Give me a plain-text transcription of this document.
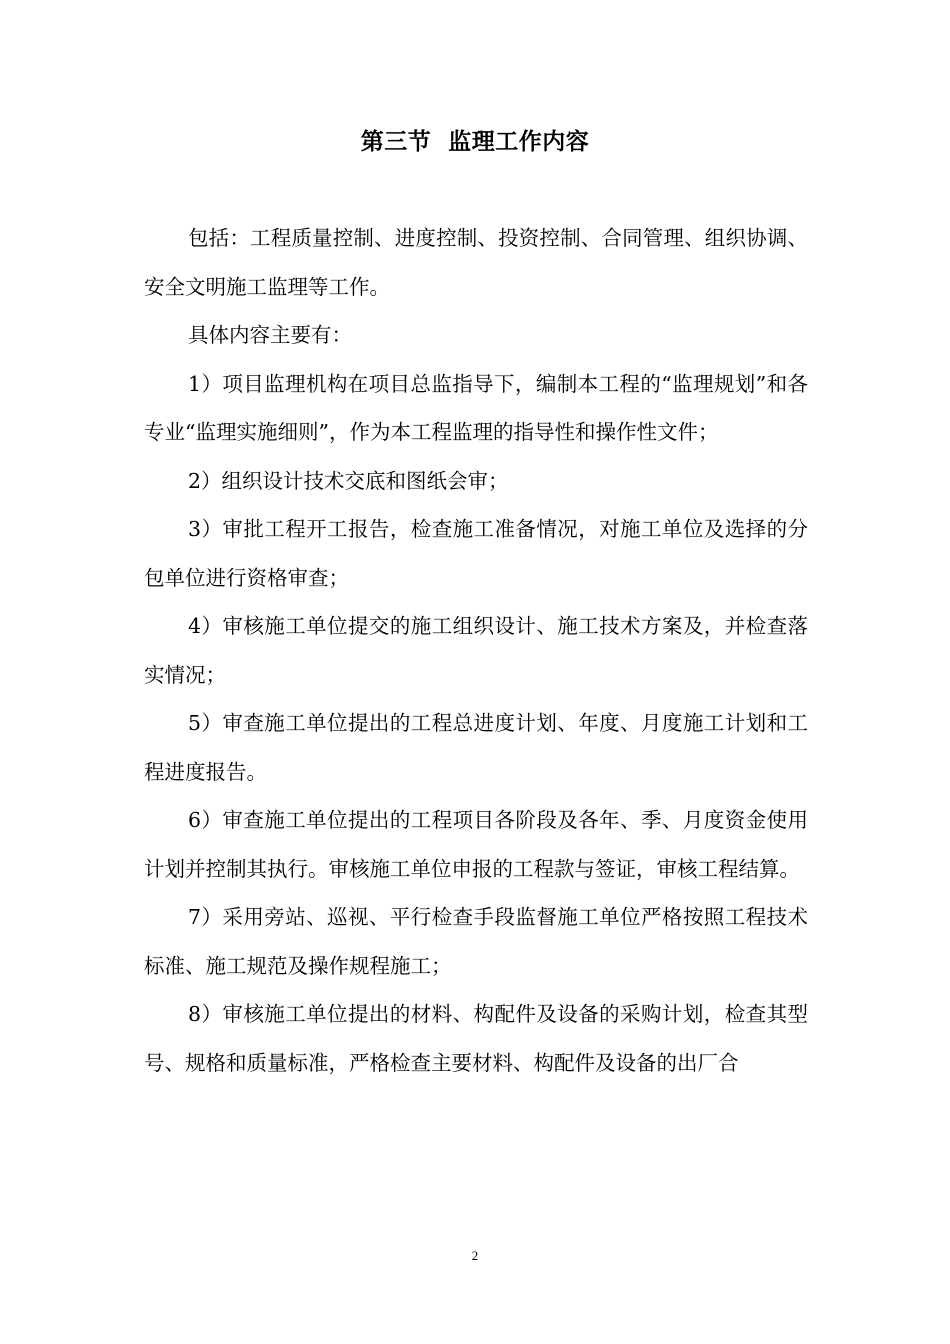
第三节  监理工作内容

包括：工程质量控制、进度控制、投资控制、合同管理、组织协调、安全文明施工监理等工作。

具体内容主要有：

1）项目监理机构在项目总监指导下，编制本工程的“监理规划”和各专业“监理实施细则”，作为本工程监理的指导性和操作性文件；

2）组织设计技术交底和图纸会审；

3）审批工程开工报告，检查施工准备情况，对施工单位及选择的分包单位进行资格审查；

4）审核施工单位提交的施工组织设计、施工技术方案及，并检查落实情况；

5）审查施工单位提出的工程总进度计划、年度、月度施工计划和工程进度报告。

6）审查施工单位提出的工程项目各阶段及各年、季、月度资金使用计划并控制其执行。审核施工单位申报的工程款与签证，审核工程结算。

7）采用旁站、巡视、平行检查手段监督施工单位严格按照工程技术标准、施工规范及操作规程施工；

8）审核施工单位提出的材料、构配件及设备的采购计划，检查其型号、规格和质量标准，严格检查主要材料、构配件及设备的出厂合

2
